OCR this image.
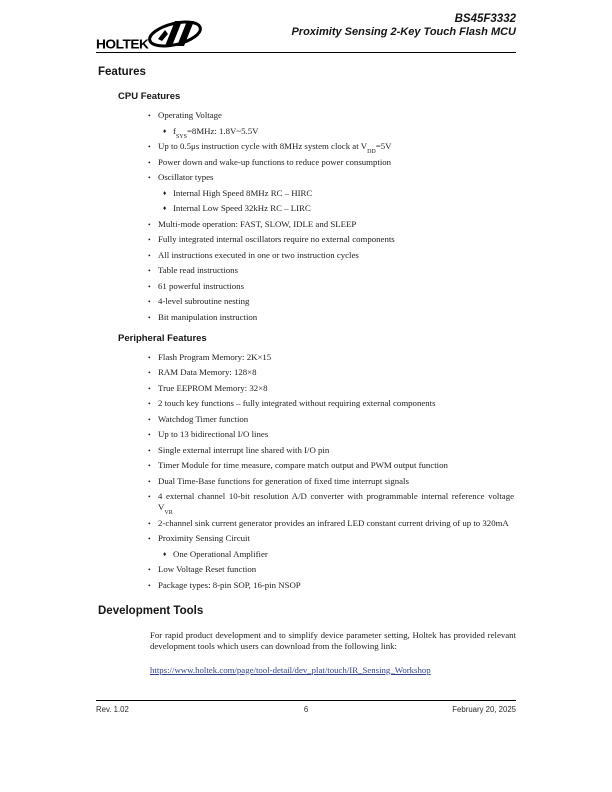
HOLTEK
BS45F3332
Proximity Sensing 2-Key Touch Flash MCU
Features
CPU Features
• Operating Voltage
♦ $f_{SYS}=8MHz$: 1.8V~5.5V
• Up to 0.5μs instruction cycle with 8MHz system clock at $V_{DD}=5V$
• Power down and wake-up functions to reduce power consumption
• Oscillator types
♦ Internal High Speed 8MHz RC – HIRC
♦ Internal Low Speed 32kHz RC – LIRC
• Multi-mode operation: FAST, SLOW, IDLE and SLEEP
• Fully integrated internal oscillators require no external components
• All instructions executed in one or two instruction cycles
• Table read instructions
• 61 powerful instructions
• 4-level subroutine nesting
• Bit manipulation instruction
Peripheral Features
• Flash Program Memory: 2K×15
• RAM Data Memory: 128×8
• True EEPROM Memory: 32×8
• 2 touch key functions – fully integrated without requiring external components
• Watchdog Timer function
• Up to 13 bidirectional I/O lines
• Single external interrupt line shared with I/O pin
• Timer Module for time measure, compare match output and PWM output function
• Dual Time-Base functions for generation of fixed time interrupt signals
• 4 external channel 10-bit resolution A/D converter with programmable internal reference voltage $V_{VR}$
• 2-channel sink current generator provides an infrared LED constant current driving of up to 320mA
• Proximity Sensing Circuit
♦ One Operational Amplifier
• Low Voltage Reset function
• Package types: 8-pin SOP, 16-pin NSOP
Development Tools

For rapid product development and to simplify device parameter setting, Holtek has provided relevant development tools which users can download from the following link:

https://www.holtek.com/page/tool-detail/dev_plat/touch/IR_Sensing_Workshop
Rev. 1.02	6	February 20, 2025
